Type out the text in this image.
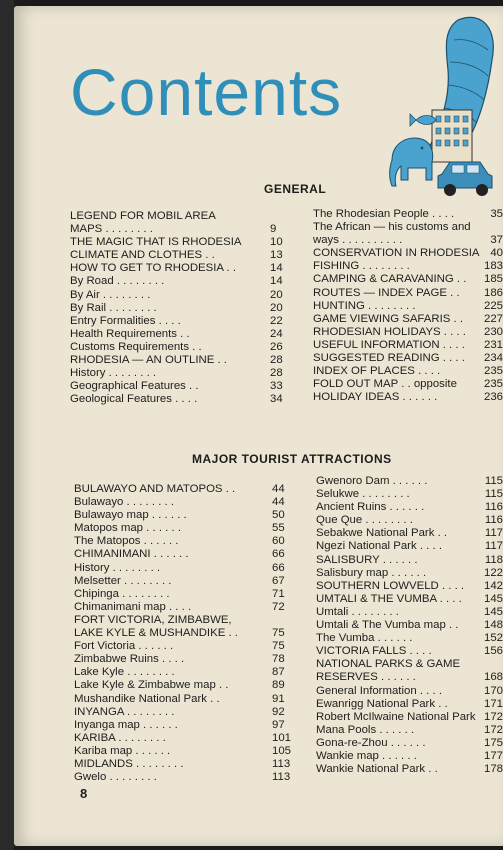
Contents
GENERAL
LEGEND FOR MOBIL AREA
MAPS . . . . . . . .	9
THE MAGIC THAT IS RHODESIA 10
CLIMATE AND CLOTHES . .	13
HOW TO GET TO RHODESIA . .	14
By Road . . . . . . . .	14
By Air . . . . . . . .	20
By Rail . . . . . . . .	20
Entry Formalities . . . .	22
Health Requirements . .	24
Customs Requirements . .	26
RHODESIA — AN OUTLINE . .	28
History . . . . . . . .	28
Geographical Features . .	33
Geological Features . . . .	34
The Rhodesian People . . . .	35
The African — his customs and
ways . . . . . . . . . .	37
CONSERVATION IN RHODESIA 40
FISHING . . . . . . . .	183
CAMPING & CARAVANING . . 185
ROUTES — INDEX PAGE . . 186
HUNTING . . . . . . . .	225
GAME VIEWING SAFARIS . . 227
RHODESIAN HOLIDAYS . . . . 230
USEFUL INFORMATION . . . . 231
SUGGESTED READING . . . . 234
INDEX OF PLACES . . . .	235
FOLD OUT MAP . . opposite 235
HOLIDAY IDEAS . . . . . .	236
MAJOR TOURIST ATTRACTIONS
BULAWAYO AND MATOPOS . .	44
Bulawayo . . . . . . . .	44
Bulawayo map . . . . . .	50
Matopos map . . . . . .	55
The Matopos . . . . . .	60
CHIMANIMANI . . . . . .	66
History . . . . . . . .	66
Melsetter . . . . . . . .	67
Chipinga . . . . . . . .	71
Chimanimani map . . . .	72
FORT VICTORIA, ZIMBABWE,
LAKE KYLE & MUSHANDIKE . .	75
Fort Victoria . . . . . .	75
Zimbabwe Ruins . . . .	78
Lake Kyle . . . . . . . .	87
Lake Kyle & Zimbabwe map . .	89
Mushandike National Park . .	91
INYANGA . . . . . . . .	92
Inyanga map . . . . . .	97
KARIBA . . . . . . . .	101
Kariba map . . . . . .	105
MIDLANDS . . . . . . . .	113
Gwelo . . . . . . . .	113
Gwenoro Dam . . . . . .	115
Selukwe . . . . . . . .	115
Ancient Ruins . . . . . .	116
Que Que . . . . . . . .	116
Sebakwe National Park . .	117
Ngezi National Park . . . .	117
SALISBURY . . . . . .	118
Salisbury map . . . . . .	122
SOUTHERN LOWVELD . . . . 142
UMTALI & THE VUMBA . . . . 145
Umtali . . . . . . . .	145
Umtali & The Vumba map . . 148
The Vumba . . . . . .	152
VICTORIA FALLS . . . .	156
NATIONAL PARKS & GAME
RESERVES . . . . . .	168
General Information . . . .	170
Ewanrigg National Park . .	171
Robert McIlwaine National Park 172
Mana Pools . . . . . .	172
Gona-re-Zhou . . . . . .	175
Wankie map . . . . . .	177
Wankie National Park . .	178
8
